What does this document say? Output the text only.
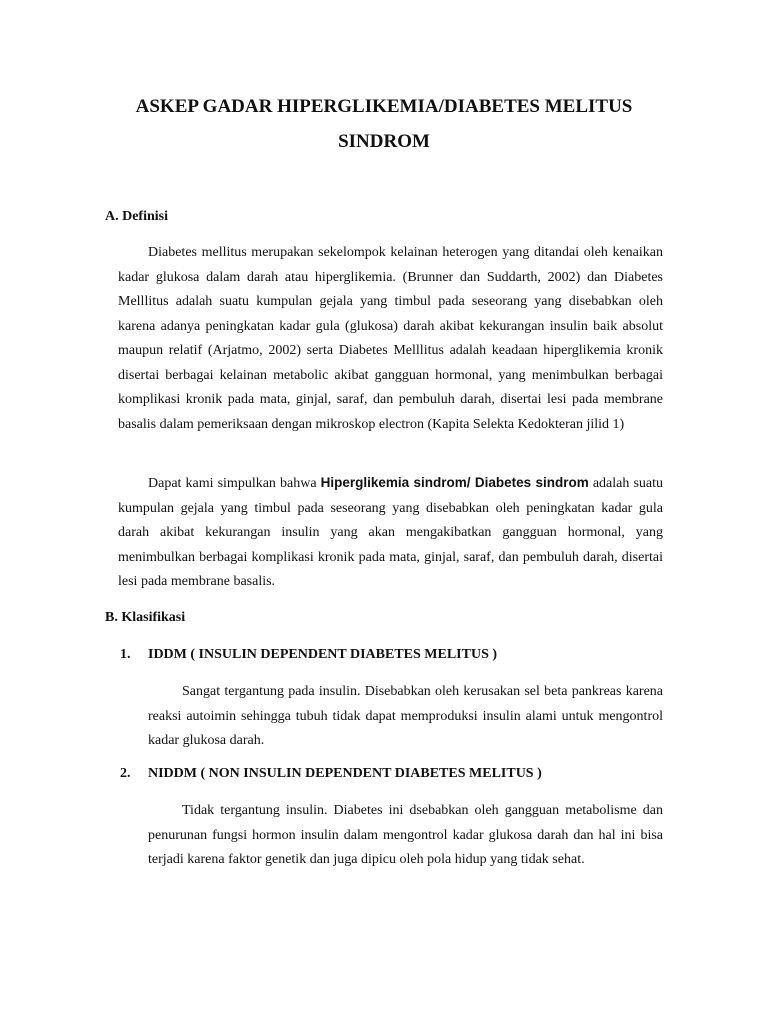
ASKEP GADAR HIPERGLIKEMIA/DIABETES MELITUS
SINDROM
A. Definisi

Diabetes mellitus merupakan sekelompok kelainan heterogen yang ditandai oleh kenaikan kadar glukosa dalam darah atau hiperglikemia. (Brunner dan Suddarth, 2002) dan Diabetes Melllitus adalah suatu kumpulan gejala yang timbul pada seseorang yang disebabkan oleh karena adanya peningkatan kadar gula (glukosa) darah akibat kekurangan insulin baik absolut maupun relatif (Arjatmo, 2002) serta Diabetes Melllitus adalah keadaan hiperglikemia kronik disertai berbagai kelainan metabolic akibat gangguan hormonal, yang menimbulkan berbagai komplikasi kronik pada mata, ginjal, saraf, dan pembuluh darah, disertai lesi pada membrane basalis dalam pemeriksaan dengan mikroskop electron (Kapita Selekta Kedokteran jilid 1)

Dapat kami simpulkan bahwa Hiperglikemia sindrom/ Diabetes sindrom adalah suatu kumpulan gejala yang timbul pada seseorang yang disebabkan oleh peningkatan kadar gula darah akibat kekurangan insulin yang akan mengakibatkan gangguan hormonal, yang menimbulkan berbagai komplikasi kronik pada mata, ginjal, saraf, dan pembuluh darah, disertai lesi pada membrane basalis.

B. Klasifikasi
1. IDDM ( INSULIN DEPENDENT DIABETES MELITUS )

Sangat tergantung pada insulin. Disebabkan oleh kerusakan sel beta pankreas karena reaksi autoimin sehingga tubuh tidak dapat memproduksi insulin alami untuk mengontrol kadar glukosa darah.

2. NIDDM ( NON INSULIN DEPENDENT DIABETES MELITUS )

Tidak tergantung insulin. Diabetes ini dsebabkan oleh gangguan metabolisme dan penurunan fungsi hormon insulin dalam mengontrol kadar glukosa darah dan hal ini bisa terjadi karena faktor genetik dan juga dipicu oleh pola hidup yang tidak sehat.
